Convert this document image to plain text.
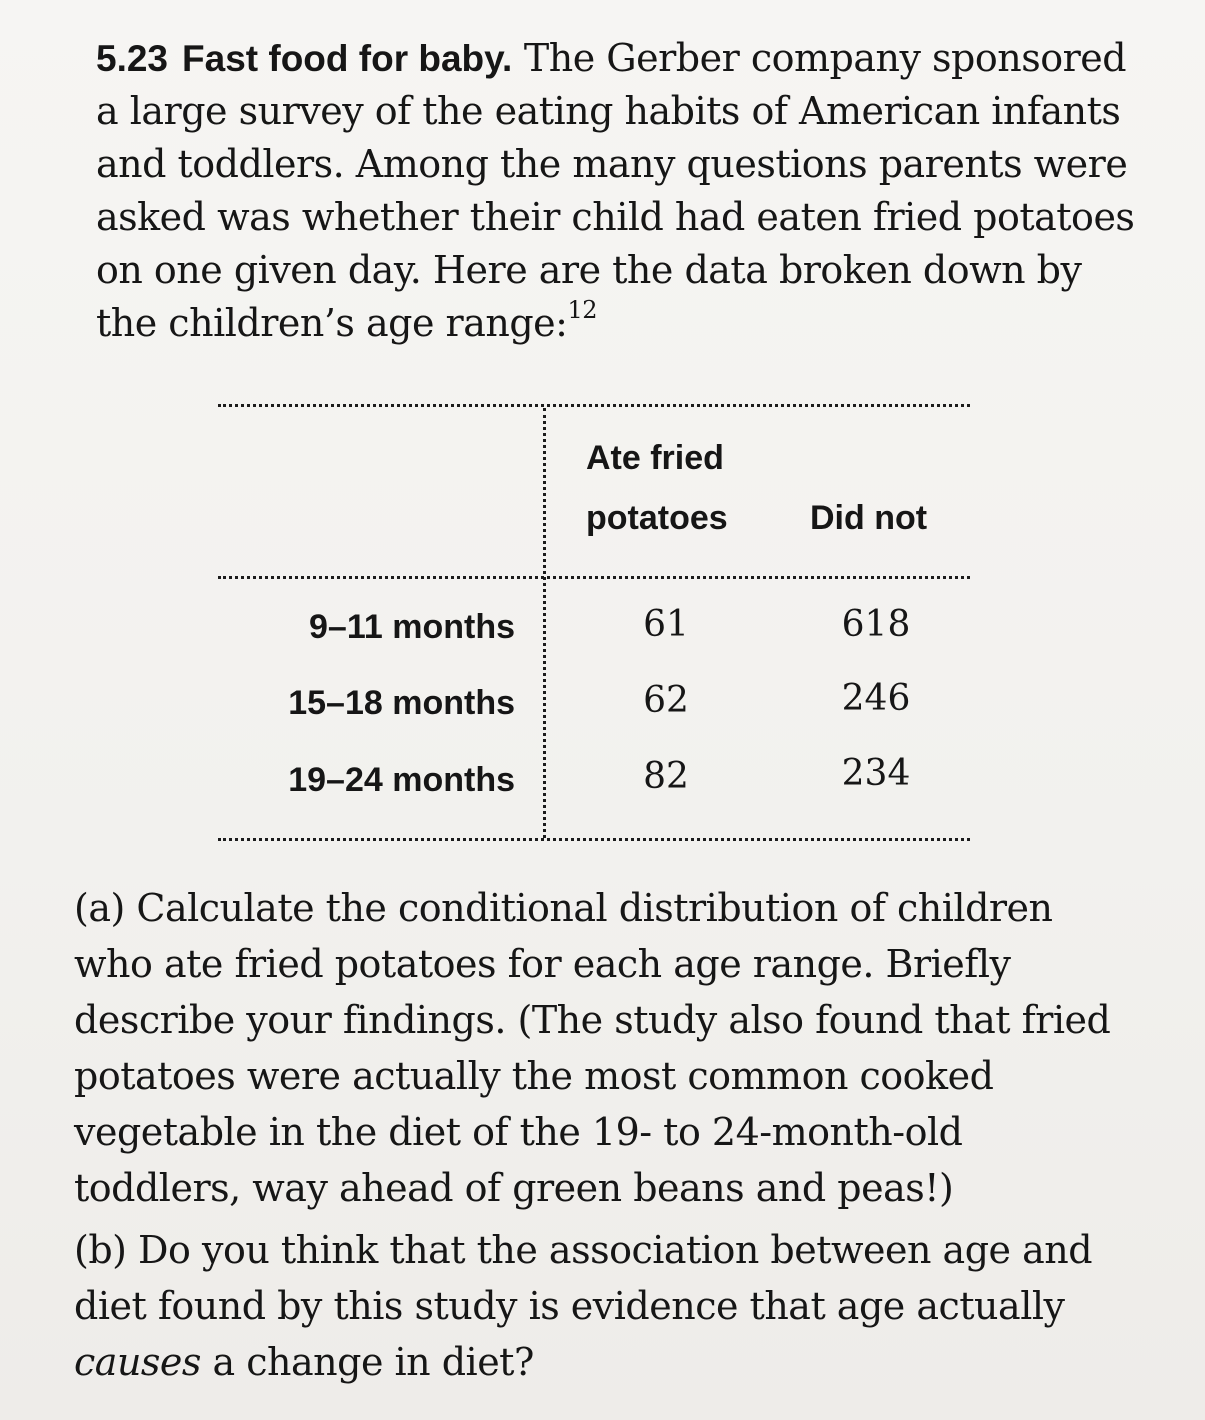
5.23 Fast food for baby. The Gerber company sponsored a large survey of the eating habits of American infants and toddlers. Among the many questions parents were asked was whether their child had eaten fried potatoes on one given day. Here are the data broken down by the children’s age range:$^{12}$

Ate fried
potatoes Did not
9–11 months	61	618
15–18 months	62	246
19–24 months	82	234

(a) Calculate the conditional distribution of children who ate fried potatoes for each age range. Briefly describe your findings. (The study also found that fried potatoes were actually the most common cooked vegetable in the diet of the 19- to 24-month-old toddlers, way ahead of green beans and peas!)

(b) Do you think that the association between age and diet found by this study is evidence that age actually causes a change in diet?
